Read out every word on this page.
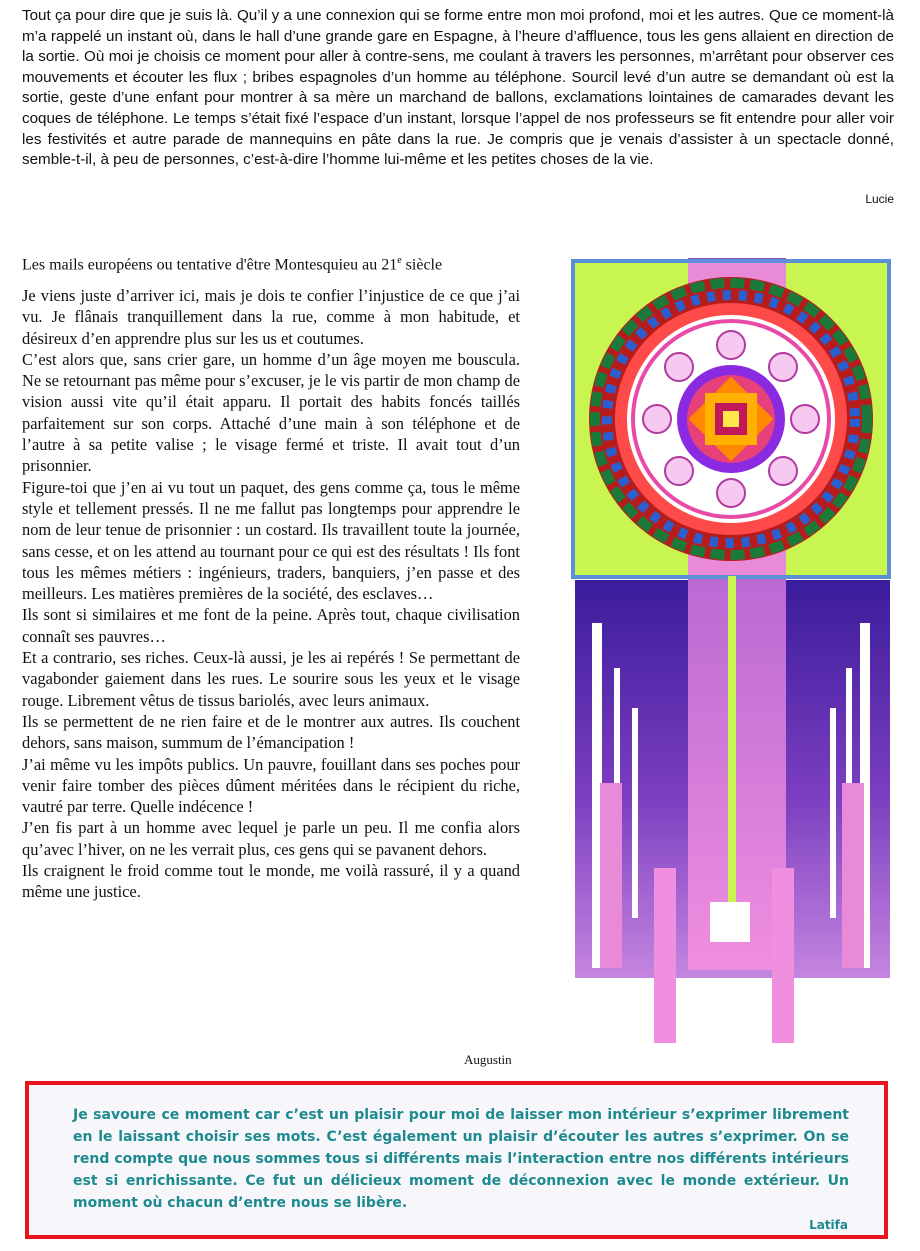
Tout ça pour dire que je suis là. Qu’il y a une connexion qui se forme entre mon moi profond, moi et les autres. Que ce moment-là m’a rappelé un instant où, dans le hall d’une grande gare en Espagne, à l’heure d’affluence, tous les gens allaient en direction de la sortie. Où moi je choisis ce moment pour aller à contre-sens, me coulant à travers les personnes, m’arrêtant pour observer ces mouvements et écouter les flux ; bribes espagnoles d’un homme au téléphone. Sourcil levé d’un autre se demandant où est la sortie, geste d’une enfant pour montrer à sa mère un marchand de ballons, exclamations lointaines de camarades devant les coques de téléphone. Le temps s’était fixé l’espace d’un instant, lorsque l’appel de nos professeurs se fit entendre pour aller voir les festivités et autre parade de mannequins en pâte dans la rue. Je compris que je venais d’assister à un spectacle donné, semble-t-il, à peu de personnes, c’est-à-dire l’homme lui-même et les petites choses de la vie.

Lucie

Les mails européens ou tentative d'être Montesquieu au 21e siècle

Je viens juste d’arriver ici, mais je dois te confier l’injustice de ce que j’ai vu. Je flânais tranquillement dans la rue, comme à mon habitude, et désireux d’en apprendre plus sur les us et coutumes.

C’est alors que, sans crier gare, un homme d’un âge moyen me bouscula. Ne se retournant pas même pour s’excuser, je le vis partir de mon champ de vision aussi vite qu’il était apparu. Il portait des habits foncés taillés parfaitement sur son corps. Attaché d’une main à son téléphone et de l’autre à sa petite valise ; le visage fermé et triste. Il avait tout d’un prisonnier.

Figure-toi que j’en ai vu tout un paquet, des gens comme ça, tous le même style et tellement pressés. Il ne me fallut pas longtemps pour apprendre le nom de leur tenue de prisonnier : un costard. Ils travaillent toute la journée, sans cesse, et on les attend au tournant pour ce qui est des résultats ! Ils font tous les mêmes métiers : ingénieurs, traders, banquiers, j’en passe et des meilleurs. Les matières premières de la société, des esclaves…

Ils sont si similaires et me font de la peine. Après tout, chaque civilisation connaît ses pauvres…

Et a contrario, ses riches. Ceux-là aussi, je les ai repérés ! Se permettant de vagabonder gaiement dans les rues. Le sourire sous les yeux et le visage rouge. Librement vêtus de tissus bariolés, avec leurs animaux.

Ils se permettent de ne rien faire et de le montrer aux autres. Ils couchent dehors, sans maison, summum de l’émancipation !

J’ai même vu les impôts publics. Un pauvre, fouillant dans ses poches pour venir faire tomber des pièces dûment méritées dans le récipient du riche, vautré par terre. Quelle indécence !

J’en fis part à un homme avec lequel je parle un peu. Il me confia alors qu’avec l’hiver, on ne les verrait plus, ces gens qui se pavanent dehors.

Ils craignent le froid comme tout le monde, me voilà rassuré, il y a quand même une justice.

Augustin

Je savoure ce moment car c’est un plaisir pour moi de laisser mon intérieur s’exprimer librement en le laissant choisir ses mots. C’est également un plaisir d’écouter les autres s’exprimer. On se rend compte que nous sommes tous si différents mais l’interaction entre nos différents intérieurs est si enrichissante. Ce fut un délicieux moment de déconnexion avec le monde extérieur. Un moment où chacun d’entre nous se libère.

Latifa
